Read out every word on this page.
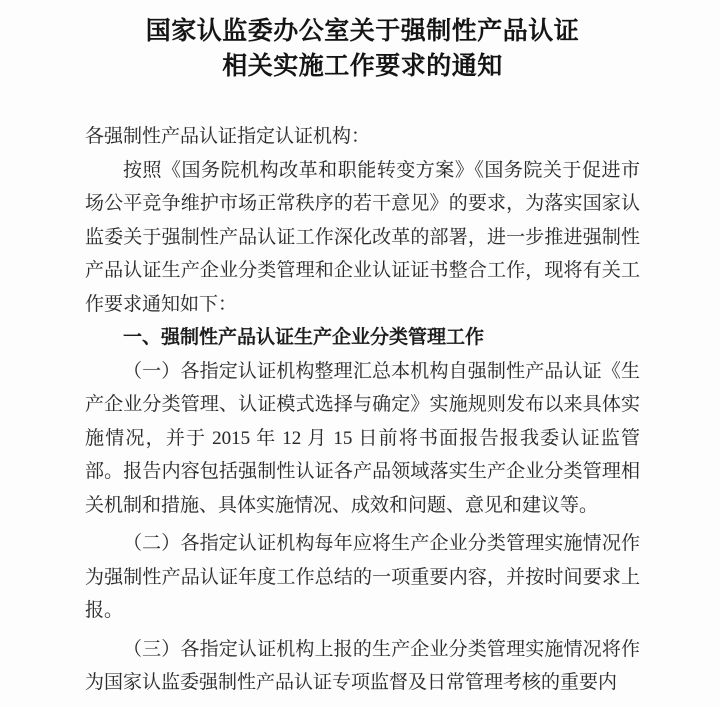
国家认监委办公室关于强制性产品认证
相关实施工作要求的通知

各强制性产品认证指定认证机构：

按照《国务院机构改革和职能转变方案》《国务院关于促进市场公平竞争维护市场正常秩序的若干意见》的要求，为落实国家认监委关于强制性产品认证工作深化改革的部署，进一步推进强制性产品认证生产企业分类管理和企业认证证书整合工作，现将有关工作要求通知如下：

一、强制性产品认证生产企业分类管理工作

（一）各指定认证机构整理汇总本机构自强制性产品认证《生产企业分类管理、认证模式选择与确定》实施规则发布以来具体实施情况，并于 2015 年 12 月 15 日前将书面报告报我委认证监管部。报告内容包括强制性认证各产品领域落实生产企业分类管理相关机制和措施、具体实施情况、成效和问题、意见和建议等。

（二）各指定认证机构每年应将生产企业分类管理实施情况作为强制性产品认证年度工作总结的一项重要内容，并按时间要求上报。

（三）各指定认证机构上报的生产企业分类管理实施情况将作为国家认监委强制性产品认证专项监督及日常管理考核的重要内
